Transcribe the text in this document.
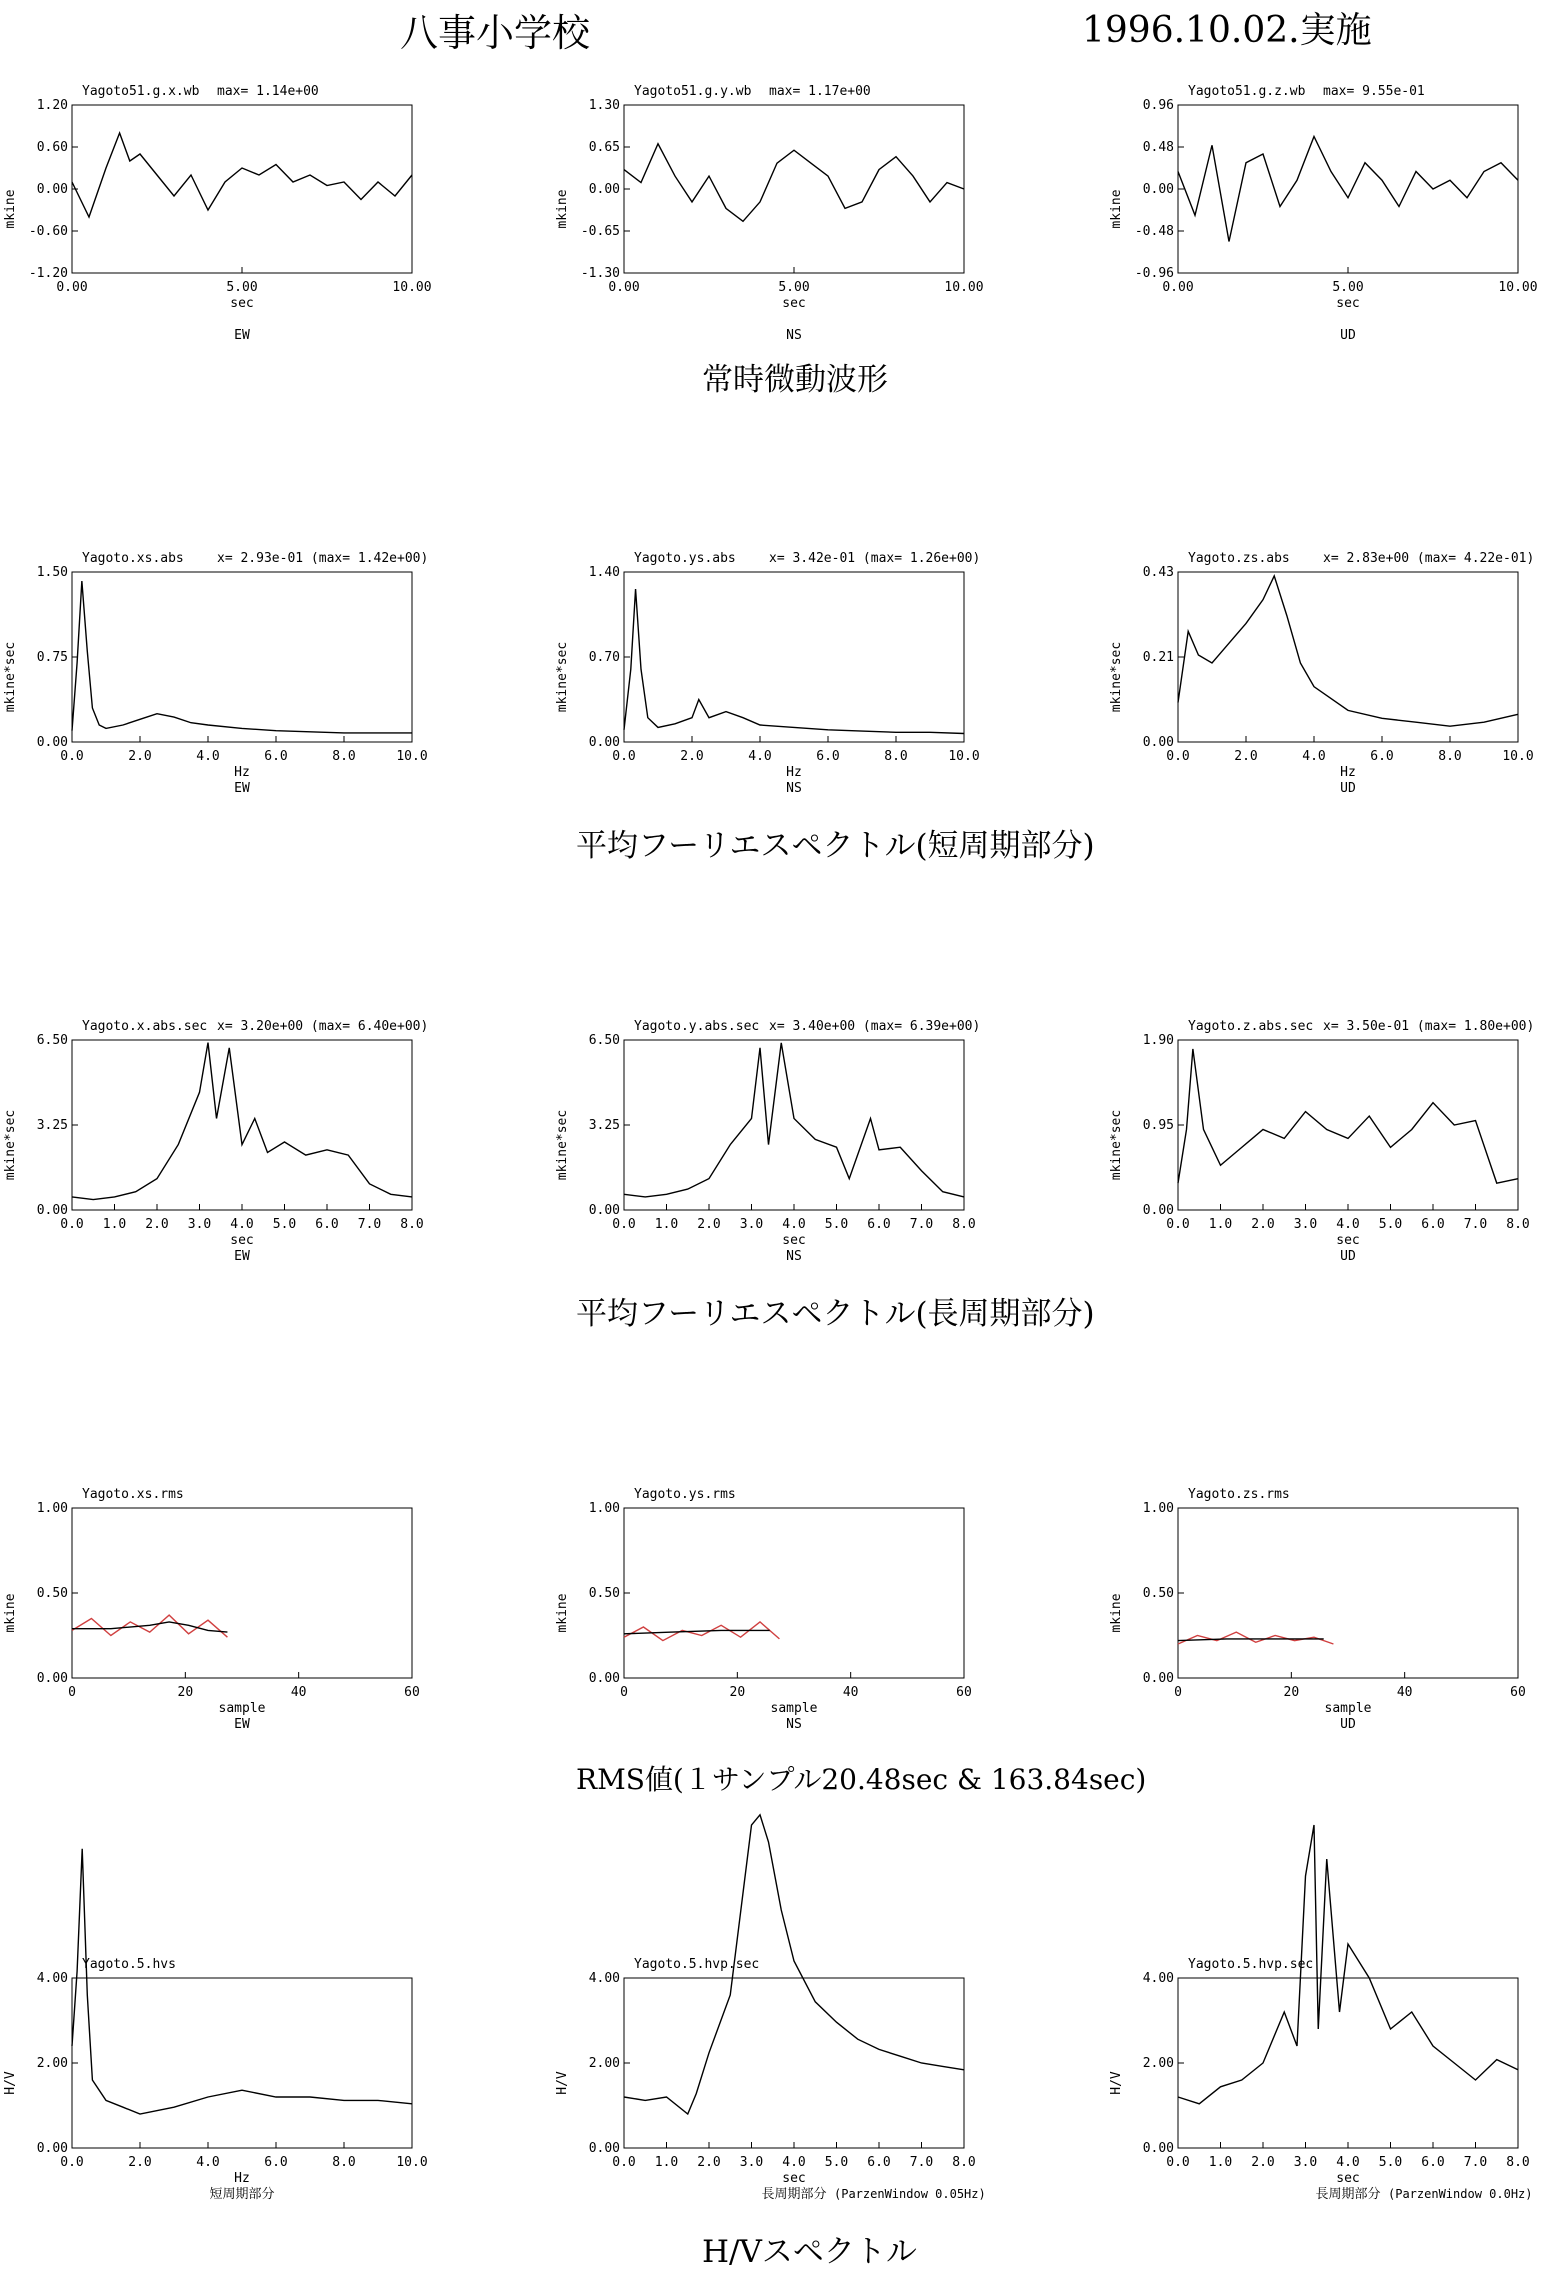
八事小学校	1996.10.02.実施
常時微動波形
平均フーリエスペクトル(短周期部分)
平均フーリエスペクトル(長周期部分)
RMS値(１サンプル20.48sec & 163.84sec)
H/Vスペクトル
Yagoto51.g.x.wb max= 1.14e+00
0.00	5.00	10.00
1.20
0.60
0.00
-0.60
-1.20
sec
EW
mkine
Yagoto51.g.y.wb max= 1.17e+00
0.00	5.00	10.00
1.30
0.65
0.00
-0.65
-1.30
sec
NS
mkine
Yagoto51.g.z.wb max= 9.55e-01
0.00	5.00	10.00
0.96
0.48
0.00
-0.48
-0.96
sec
UD
mkine
Yagoto.xs.abs	x= 2.93e-01 (max= 1.42e+00)
0.0	2.0	4.0	6.0	8.0	10.0
1.50
0.75
0.00
Hz
EW
mkine*sec
Yagoto.ys.abs	x= 3.42e-01 (max= 1.26e+00)
0.0	2.0	4.0	6.0	8.0	10.0
1.40
0.70
0.00
Hz
NS
mkine*sec
Yagoto.zs.abs	x= 2.83e+00 (max= 4.22e-01)
0.0	2.0	4.0	6.0	8.0	10.0
0.43
0.21
0.00
Hz
UD
mkine*sec
Yagoto.x.abs.sec x= 3.20e+00 (max= 6.40e+00)
0.0 1.0 2.0 3.0 4.0 5.0 6.0 7.0 8.0
6.50
3.25
0.00
sec
EW
mkine*sec
Yagoto.y.abs.sec x= 3.40e+00 (max= 6.39e+00)
0.0 1.0 2.0 3.0 4.0 5.0 6.0 7.0 8.0
6.50
3.25
0.00
sec
NS
mkine*sec
Yagoto.z.abs.sec x= 3.50e-01 (max= 1.80e+00)
0.0 1.0 2.0 3.0 4.0 5.0 6.0 7.0 8.0
1.90
0.95
0.00
sec
UD
mkine*sec
Yagoto.xs.rms
0	20	40	60
1.00
0.50
0.00
sample
EW
mkine
Yagoto.ys.rms
0	20	40	60
1.00
0.50
0.00
sample
NS
mkine
Yagoto.zs.rms
0	20	40	60
1.00
0.50
0.00
sample
UD
mkine
Yagoto.5.hvs
0.0	2.0	4.0	6.0	8.0	10.0
4.00
2.00
0.00
Hz
短周期部分
H/V
Yagoto.5.hvp.sec
0.0 1.0 2.0 3.0 4.0 5.0 6.0 7.0 8.0
4.00
2.00
0.00
sec
長周期部分 (ParzenWindow 0.05Hz)
H/V
Yagoto.5.hvp.sec
0.0 1.0 2.0 3.0 4.0 5.0 6.0 7.0 8.0
4.00
2.00
0.00
sec
長周期部分 (ParzenWindow 0.0Hz)
H/V
